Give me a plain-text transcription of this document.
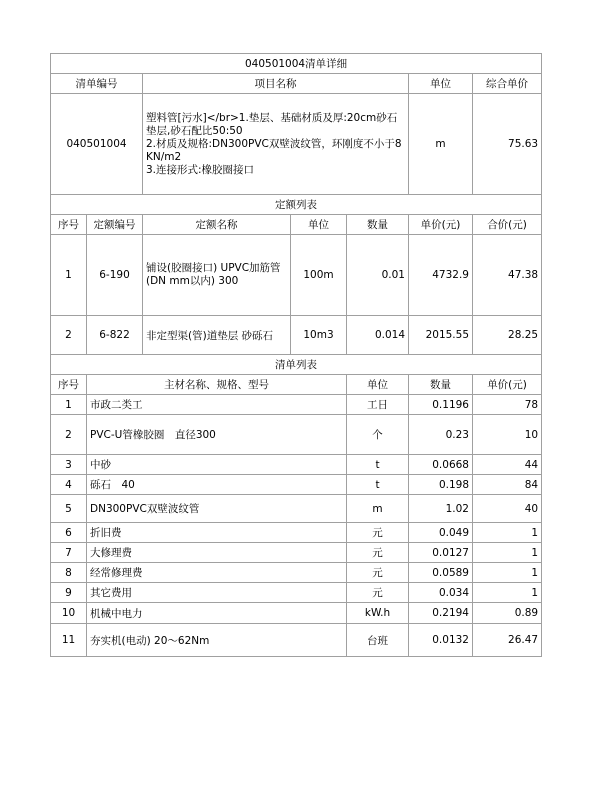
040501004清单详细							
清单编号		项目名称			单位	综合单价	
040501004		塑料管[污水]</br>1.垫层、基础材质及厚:20cm砂石垫层,砂石配比50:50
2.材质及规格:DN300PVC双壁波纹管，环刚度不小于8KN/m2
3.连接形式:橡胶圈接口			m	75.63	
定额列表							
序号	定额编号	定额名称	单位	数量	单价(元)	合价(元)	
1	6-190	铺设(胶圈接口) UPVC加筋管(DN mm以内) 300	100m	0.01	4732.9	47.38	
2	6-822	非定型渠(管)道垫层 砂砾石	10m3	0.014	2015.55	28.25	
清单列表							
序号	主材名称、规格、型号			单位	数量	单价(元)	
1	市政二类工			工日	0.1196	78	
2	PVC-U管橡胶圈　直径300			个	0.23	10	
3	中砂			t	0.0668	44	
4	砾石　40			t	0.198	84	
5	DN300PVC双壁波纹管			m	1.02	40	
6	折旧费			元	0.049	1	
7	大修理费			元	0.0127	1	
8	经常修理费			元	0.0589	1	
9	其它费用			元	0.034	1	
10	机械中电力			kW.h	0.2194	0.89	
11	夯实机(电动) 20～62Nm			台班	0.0132	26.47	
